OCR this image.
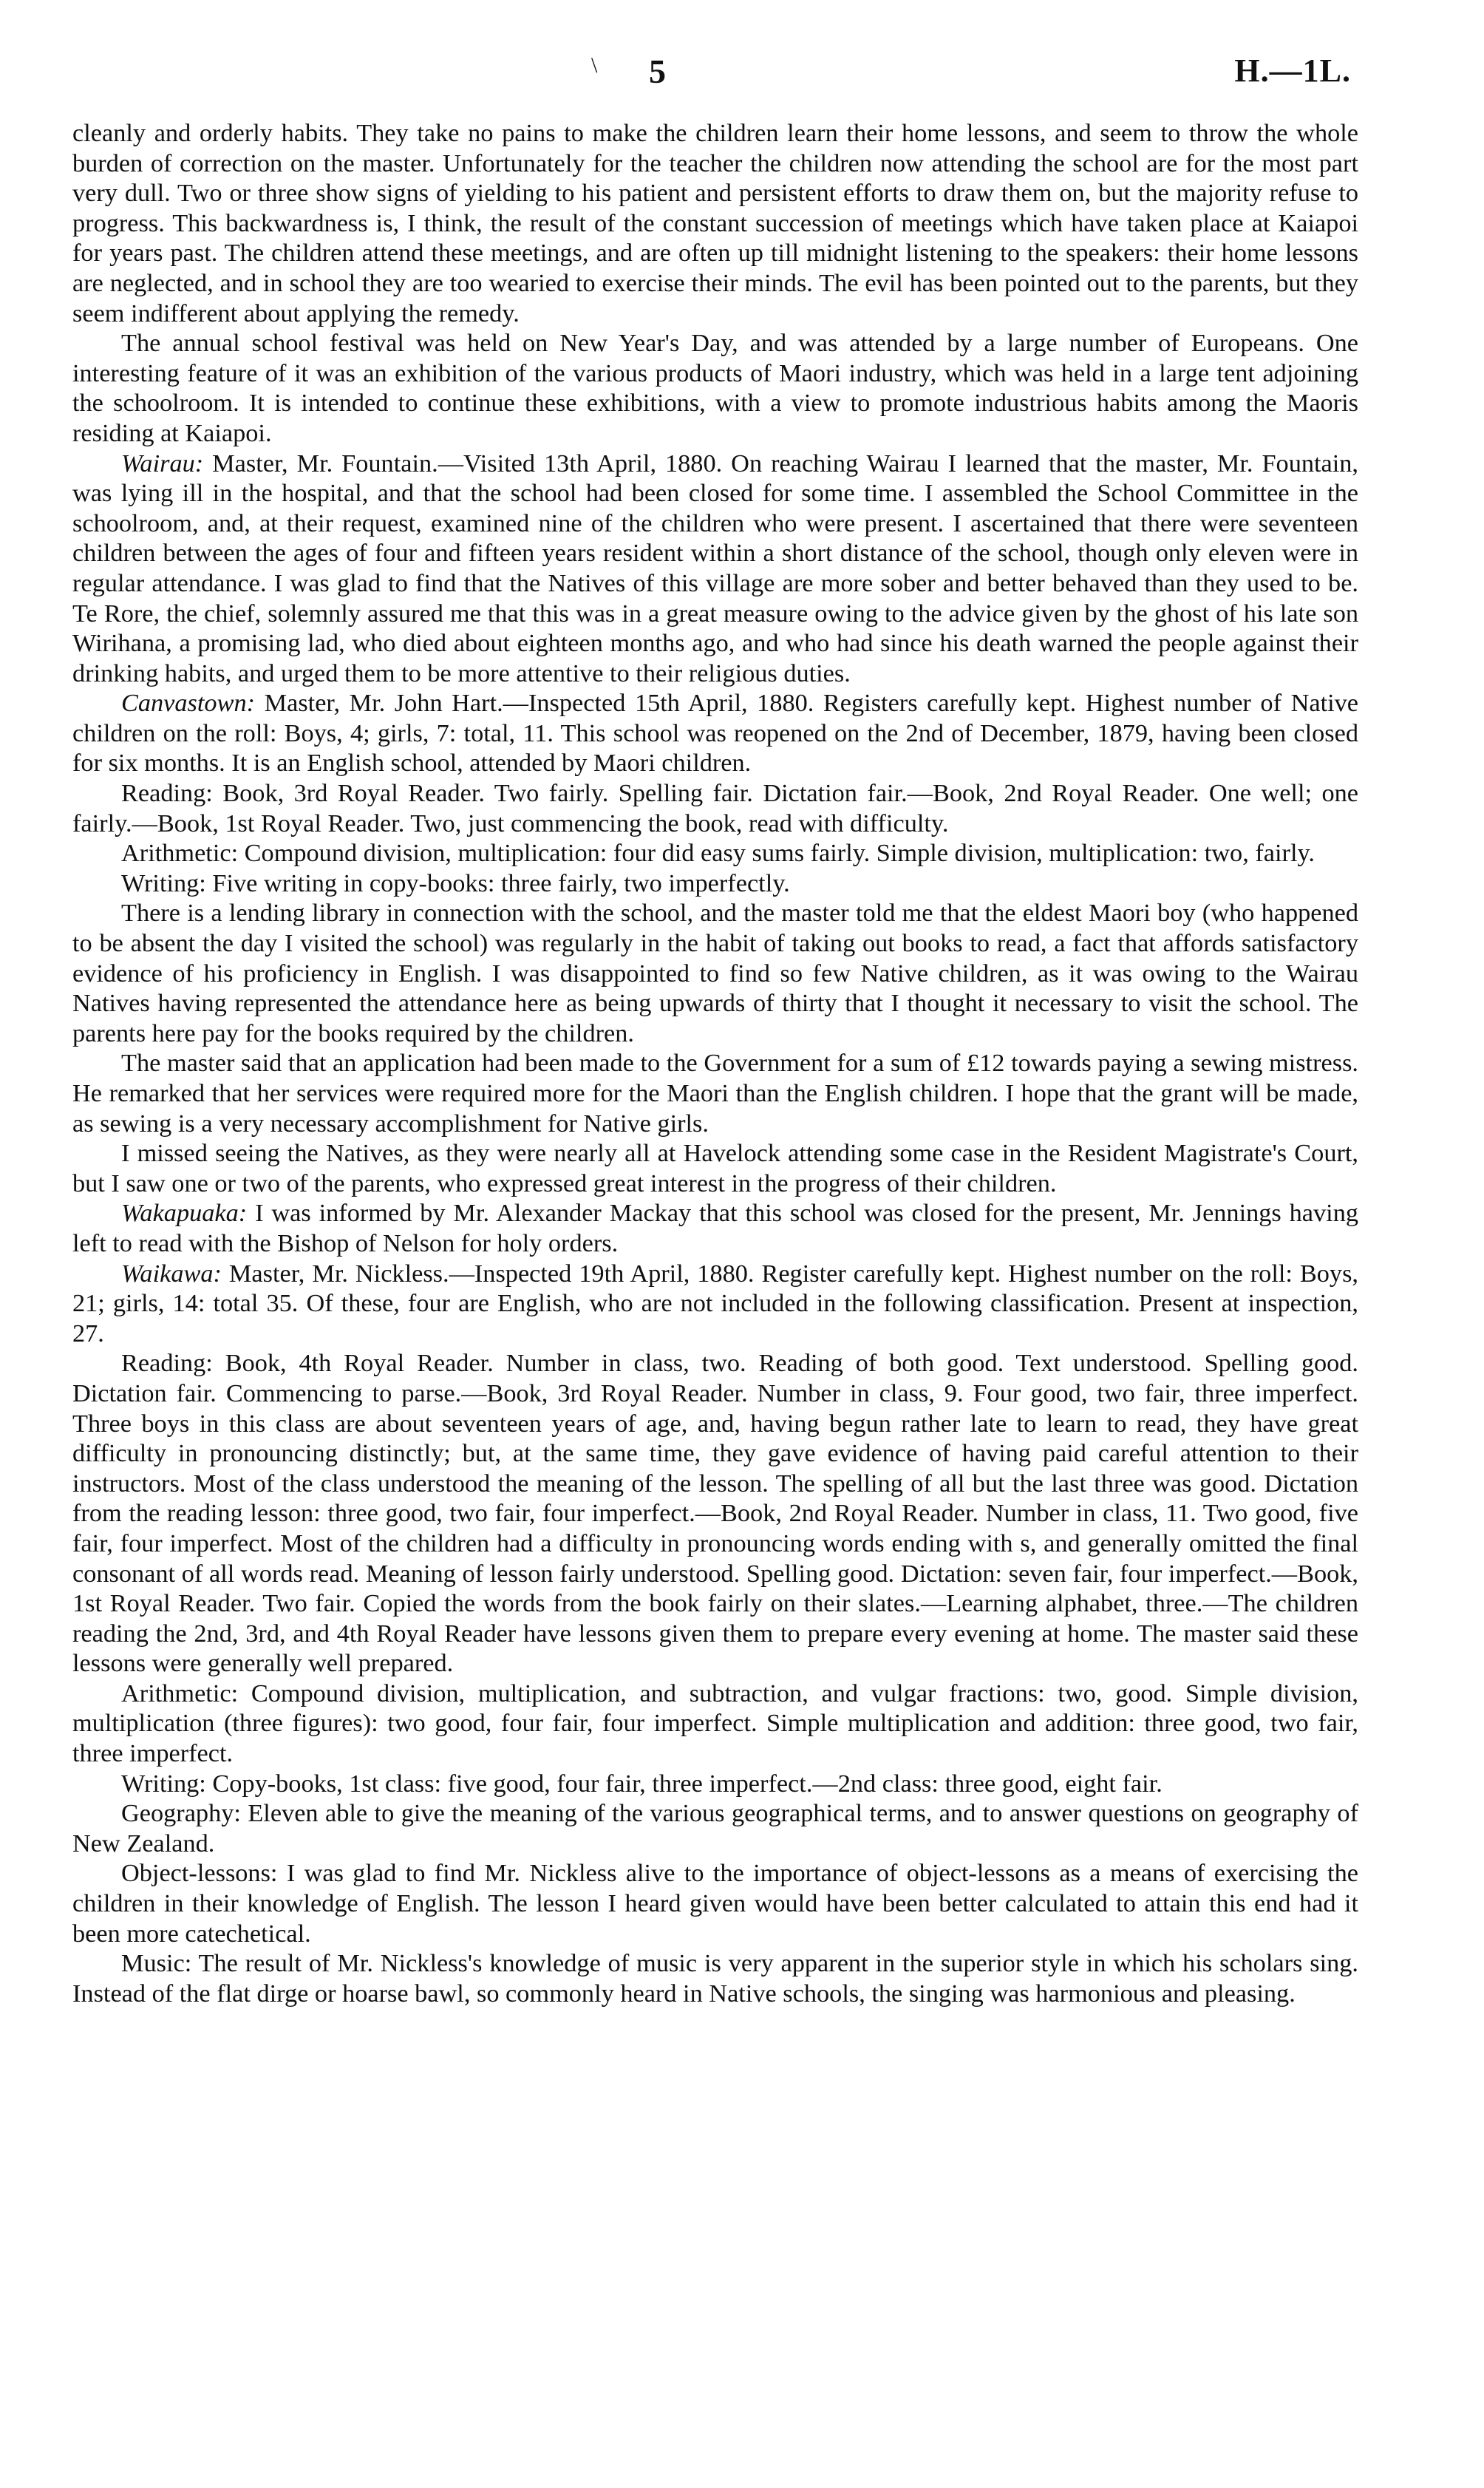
\ 5	H.—1L.

cleanly and orderly habits. They take no pains to make the children learn their home lessons, and seem to throw the whole burden of correction on the master. Unfortunately for the teacher the children now attending the school are for the most part very dull. Two or three show signs of yielding to his patient and persistent efforts to draw them on, but the majority refuse to progress. This backwardness is, I think, the result of the constant succession of meetings which have taken place at Kaiapoi for years past. The children attend these meetings, and are often up till midnight listening to the speakers: their home lessons are neglected, and in school they are too wearied to exercise their minds. The evil has been pointed out to the parents, but they seem indifferent about applying the remedy.

The annual school festival was held on New Year's Day, and was attended by a large number of Europeans. One interesting feature of it was an exhibition of the various products of Maori industry, which was held in a large tent adjoining the schoolroom. It is intended to continue these exhibitions, with a view to promote industrious habits among the Maoris residing at Kaiapoi.

Wairau: Master, Mr. Fountain.—Visited 13th April, 1880. On reaching Wairau I learned that the master, Mr. Fountain, was lying ill in the hospital, and that the school had been closed for some time. I assembled the School Committee in the schoolroom, and, at their request, examined nine of the children who were present. I ascertained that there were seventeen children between the ages of four and fifteen years resident within a short distance of the school, though only eleven were in regular attendance. I was glad to find that the Natives of this village are more sober and better behaved than they used to be. Te Rore, the chief, solemnly assured me that this was in a great measure owing to the advice given by the ghost of his late son Wirihana, a promising lad, who died about eighteen months ago, and who had since his death warned the people against their drinking habits, and urged them to be more attentive to their religious duties.

Canvastown: Master, Mr. John Hart.—Inspected 15th April, 1880. Registers carefully kept. Highest number of Native children on the roll: Boys, 4; girls, 7: total, 11. This school was reopened on the 2nd of December, 1879, having been closed for six months. It is an English school, attended by Maori children.

Reading: Book, 3rd Royal Reader. Two fairly. Spelling fair. Dictation fair.—Book, 2nd Royal Reader. One well; one fairly.—Book, 1st Royal Reader. Two, just commencing the book, read with difficulty.

Arithmetic: Compound division, multiplication: four did easy sums fairly. Simple division, multiplication: two, fairly.

Writing: Five writing in copy-books: three fairly, two imperfectly.

There is a lending library in connection with the school, and the master told me that the eldest Maori boy (who happened to be absent the day I visited the school) was regularly in the habit of taking out books to read, a fact that affords satisfactory evidence of his proficiency in English. I was disappointed to find so few Native children, as it was owing to the Wairau Natives having represented the attendance here as being upwards of thirty that I thought it necessary to visit the school. The parents here pay for the books required by the children.

The master said that an application had been made to the Government for a sum of £12 towards paying a sewing mistress. He remarked that her services were required more for the Maori than the English children. I hope that the grant will be made, as sewing is a very necessary accomplishment for Native girls.

I missed seeing the Natives, as they were nearly all at Havelock attending some case in the Resident Magistrate's Court, but I saw one or two of the parents, who expressed great interest in the progress of their children.

Wakapuaka: I was informed by Mr. Alexander Mackay that this school was closed for the present, Mr. Jennings having left to read with the Bishop of Nelson for holy orders.

Waikawa: Master, Mr. Nickless.—Inspected 19th April, 1880. Register carefully kept. Highest number on the roll: Boys, 21; girls, 14: total 35. Of these, four are English, who are not included in the following classification. Present at inspection, 27.

Reading: Book, 4th Royal Reader. Number in class, two. Reading of both good. Text understood. Spelling good. Dictation fair. Commencing to parse.—Book, 3rd Royal Reader. Number in class, 9. Four good, two fair, three imperfect. Three boys in this class are about seventeen years of age, and, having begun rather late to learn to read, they have great difficulty in pronouncing distinctly; but, at the same time, they gave evidence of having paid careful attention to their instructors. Most of the class understood the meaning of the lesson. The spelling of all but the last three was good. Dictation from the reading lesson: three good, two fair, four imperfect.—Book, 2nd Royal Reader. Number in class, 11. Two good, five fair, four imperfect. Most of the children had a difficulty in pronouncing words ending with s, and generally omitted the final consonant of all words read. Meaning of lesson fairly understood. Spelling good. Dictation: seven fair, four imperfect.—Book, 1st Royal Reader. Two fair. Copied the words from the book fairly on their slates.—Learning alphabet, three.—The children reading the 2nd, 3rd, and 4th Royal Reader have lessons given them to prepare every evening at home. The master said these lessons were generally well prepared.

Arithmetic: Compound division, multiplication, and subtraction, and vulgar fractions: two, good. Simple division, multiplication (three figures): two good, four fair, four imperfect. Simple multiplication and addition: three good, two fair, three imperfect.

Writing: Copy-books, 1st class: five good, four fair, three imperfect.—2nd class: three good, eight fair.

Geography: Eleven able to give the meaning of the various geographical terms, and to answer questions on geography of New Zealand.

Object-lessons: I was glad to find Mr. Nickless alive to the importance of object-lessons as a means of exercising the children in their knowledge of English. The lesson I heard given would have been better calculated to attain this end had it been more catechetical.

Music: The result of Mr. Nickless's knowledge of music is very apparent in the superior style in which his scholars sing. Instead of the flat dirge or hoarse bawl, so commonly heard in Native schools, the singing was harmonious and pleasing.
